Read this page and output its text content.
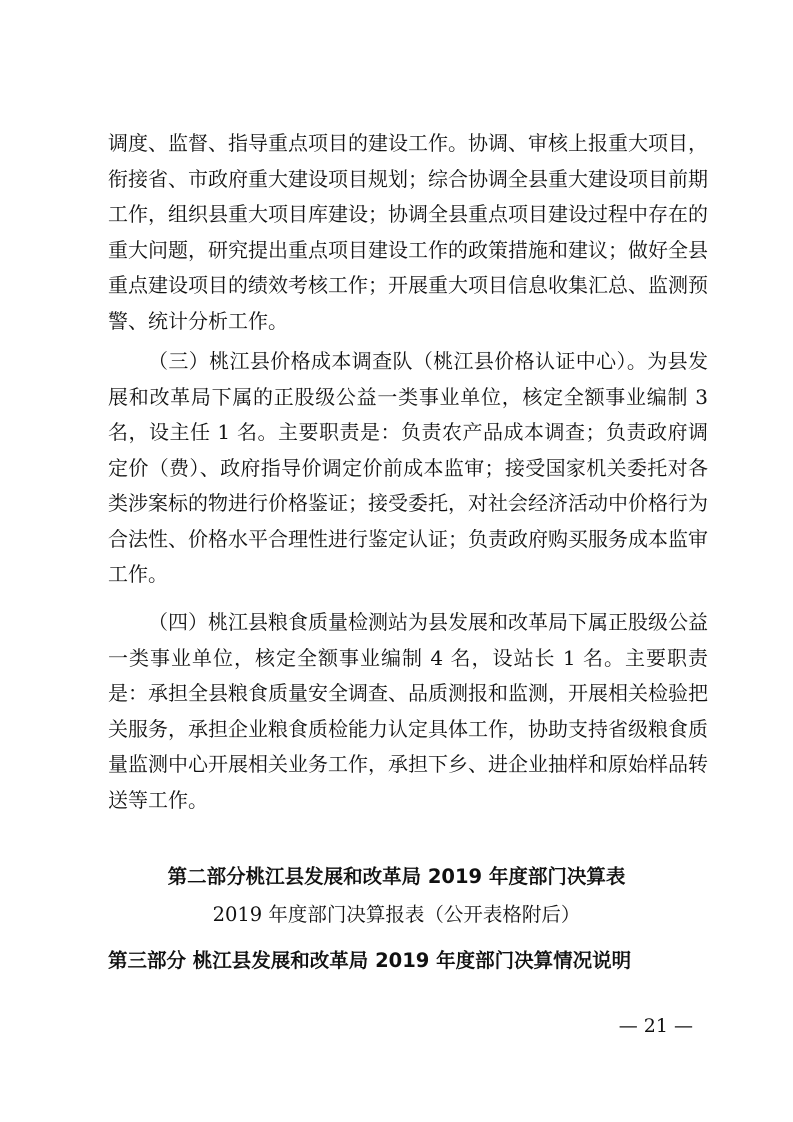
调度、监督、指导重点项目的建设工作。协调、审核上报重大项目，衔接省、市政府重大建设项目规划；综合协调全县重大建设项目前期工作，组织县重大项目库建设；协调全县重点项目建设过程中存在的重大问题，研究提出重点项目建设工作的政策措施和建议；做好全县重点建设项目的绩效考核工作；开展重大项目信息收集汇总、监测预警、统计分析工作。

（三）桃江县价格成本调查队（桃江县价格认证中心）。为县发展和改革局下属的正股级公益一类事业单位，核定全额事业编制 3 名，设主任 1 名。主要职责是：负责农产品成本调查；负责政府调定价（费）、政府指导价调定价前成本监审；接受国家机关委托对各类涉案标的物进行价格鉴证；接受委托，对社会经济活动中价格行为合法性、价格水平合理性进行鉴定认证；负责政府购买服务成本监审工作。

（四）桃江县粮食质量检测站为县发展和改革局下属正股级公益一类事业单位，核定全额事业编制 4 名，设站长 1 名。主要职责是：承担全县粮食质量安全调查、品质测报和监测，开展相关检验把关服务，承担企业粮食质检能力认定具体工作，协助支持省级粮食质量监测中心开展相关业务工作，承担下乡、进企业抽样和原始样品转送等工作。

第二部分桃江县发展和改革局 2019 年度部门决算表
2019 年度部门决算报表（公开表格附后）
第三部分 桃江县发展和改革局 2019 年度部门决算情况说明
— 21 —
